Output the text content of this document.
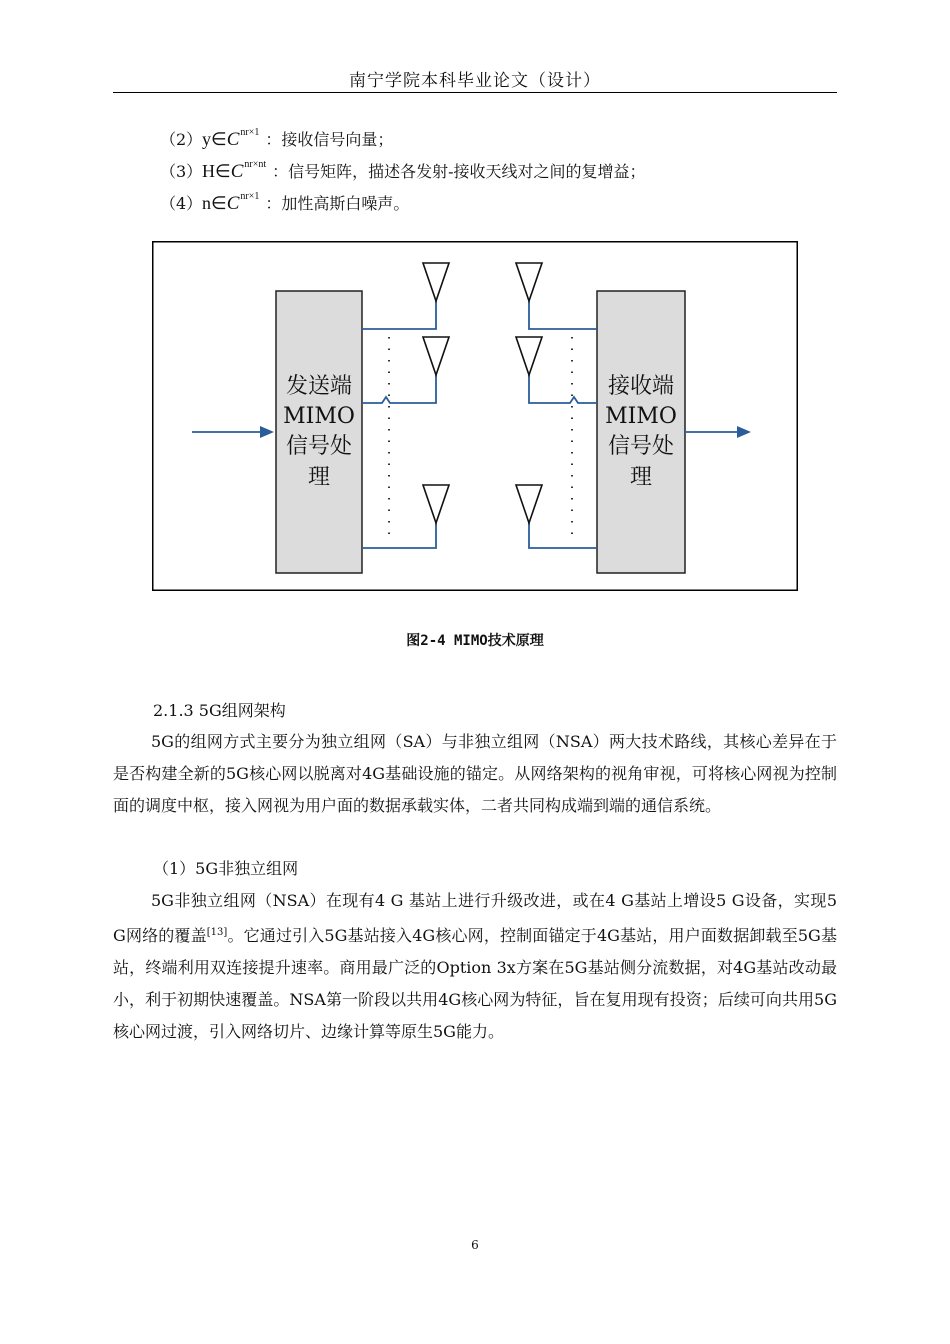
南宁学院本科毕业论文（设计）
$(2)y\in C^{nr\times 1}$ ：接收信号向量；
$(3)H\in C^{nr\times nt}$ ：信号矩阵，描述各发射-接收天线对之间的复增益；
$(4)n\in C^{nr\times 1}$ ：加性高斯白噪声。
发送端
MIMO
信号处
理
接收端
MIMO
信号处
理
图2-4 MIMO技术原理
2.1.3 5G组网架构
5G的组网方式主要分为独立组网（SA）与非独立组网（NSA）两大技术路线，其核心差异在于是否构建全新的5G核心网以脱离对4G基础设施的锚定。从网络架构的视角审视，可将核心网视为控制面的调度中枢，接入网视为用户面的数据承载实体，二者共同构成端到端的通信系统。
（1）5G非独立组网
5G非独立组网（NSA）在现有4 G 基站上进行升级改进，或在4 G基站上增设5 G设备，实现5 G网络的覆盖[13]。它通过引入5G基站接入4G核心网，控制面锚定于4G基站，用户面数据卸载至5G基站，终端利用双连接提升速率。商用最广泛的Option 3x方案在5G基站侧分流数据，对4G基站改动最小，利于初期快速覆盖。NSA第一阶段以共用4G核心网为特征，旨在复用现有投资；后续可向共用5G核心网过渡，引入网络切片、边缘计算等原生5G能力。
6
